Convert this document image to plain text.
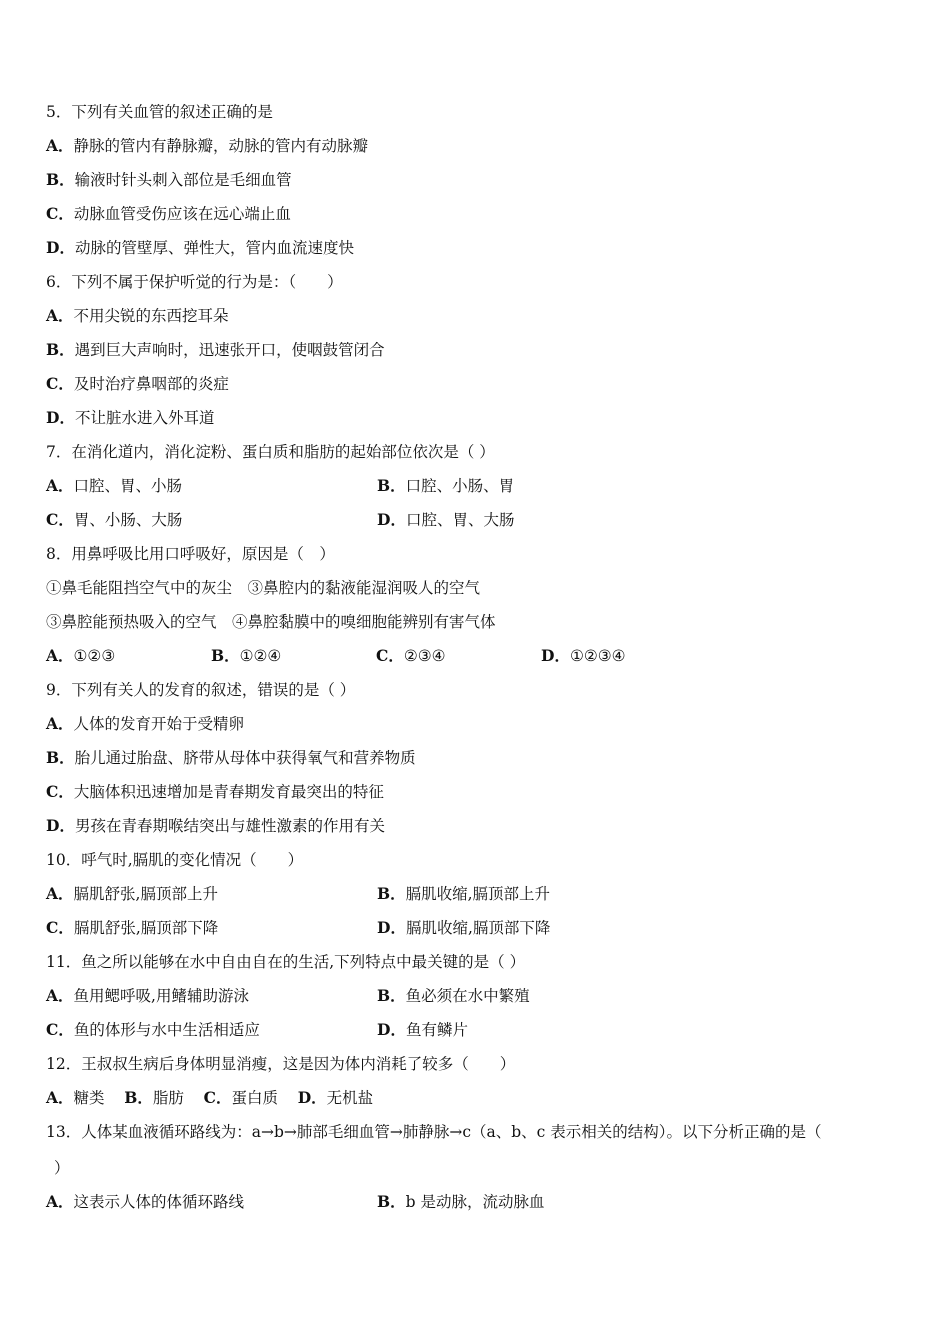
5．下列有关血管的叙述正确的是
A．静脉的管内有静脉瓣，动脉的管内有动脉瓣
B．输液时针头刺入部位是毛细血管
C．动脉血管受伤应该在远心端止血
D．动脉的管壁厚、弹性大，管内血流速度快
6．下列不属于保护听觉的行为是：（　　）
A．不用尖锐的东西挖耳朵
B．遇到巨大声响时，迅速张开口，使咽鼓管闭合
C．及时治疗鼻咽部的炎症
D．不让脏水进入外耳道
7．在消化道内，消化淀粉、蛋白质和脂肪的起始部位依次是（ ）
A．口腔、胃、小肠	B．口腔、小肠、胃
C．胃、小肠、大肠	D．口腔、胃、大肠
8．用鼻呼吸比用口呼吸好，原因是（　）
①鼻毛能阻挡空气中的灰尘　③鼻腔内的黏液能湿润吸人的空气
③鼻腔能预热吸入的空气　④鼻腔黏膜中的嗅细胞能辨别有害气体
A．①②③	B．①②④	C．②③④	D．①②③④
9．下列有关人的发育的叙述，错误的是（ ）
A．人体的发育开始于受精卵
B．胎儿通过胎盘、脐带从母体中获得氧气和营养物质
C．大脑体积迅速增加是青春期发育最突出的特征
D．男孩在青春期喉结突出与雄性激素的作用有关
10．呼气时,膈肌的变化情况（　　）
A．膈肌舒张,膈顶部上升	B．膈肌收缩,膈顶部上升
C．膈肌舒张,膈顶部下降	D．膈肌收缩,膈顶部下降
11．鱼之所以能够在水中自由自在的生活,下列特点中最关键的是（ ）
A．鱼用鳃呼吸,用鳍辅助游泳	B．鱼必须在水中繁殖
C．鱼的体形与水中生活相适应	D．鱼有鳞片
12．王叔叔生病后身体明显消瘦，这是因为体内消耗了较多（　　）
A．糖类 B．脂肪 C．蛋白质 D．无机盐
13．人体某血液循环路线为：a→b→肺部毛细血管→肺静脉→c（a、b、c 表示相关的结构）。以下分析正确的是（
）
A．这表示人体的体循环路线	B．b 是动脉，流动脉血
